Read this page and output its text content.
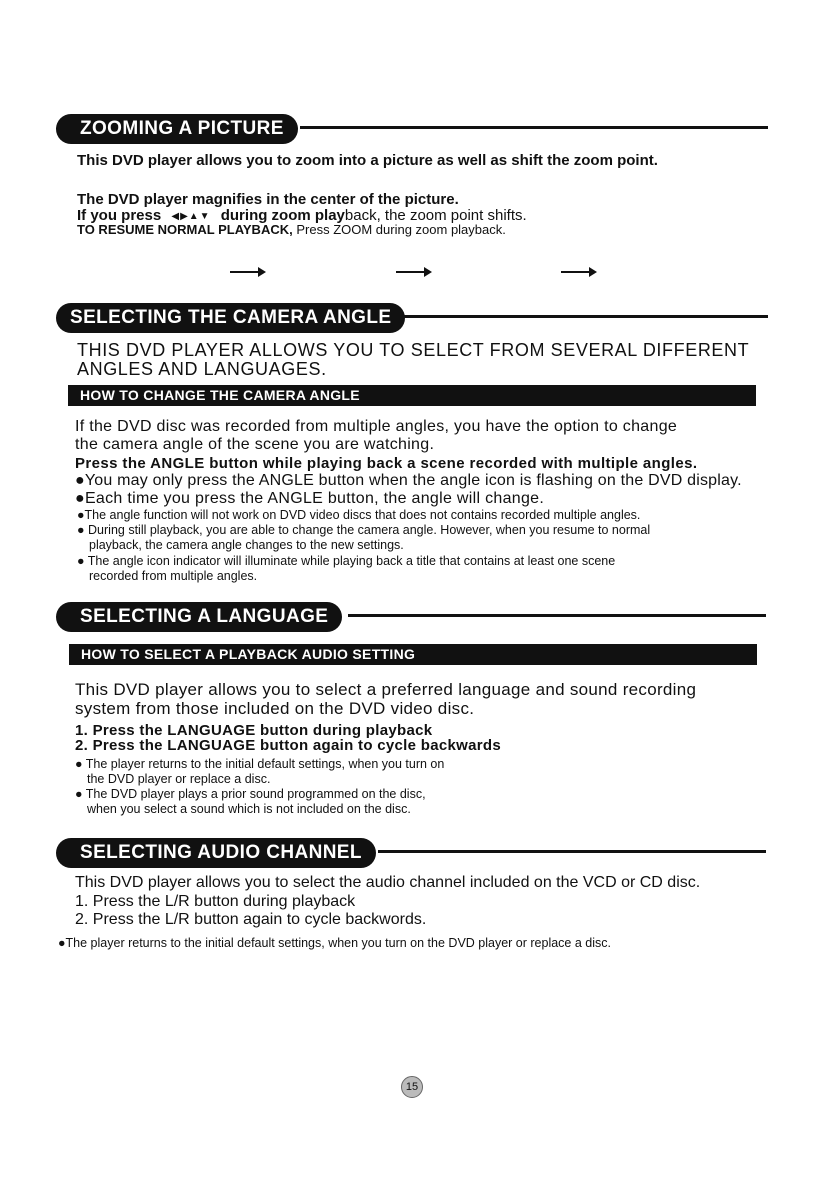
ZOOMING A PICTURE
This DVD player allows you to zoom into a picture as well as shift the zoom point.
The DVD player magnifies in the center of the picture.
If you press ◀▶▲▼ during zoom playback, the zoom point shifts.
TO RESUME NORMAL PLAYBACK, Press ZOOM during zoom playback.
SELECTING THE CAMERA ANGLE
THIS DVD PLAYER ALLOWS YOU TO SELECT FROM SEVERAL DIFFERENT
ANGLES AND LANGUAGES.
HOW TO CHANGE THE CAMERA ANGLE
If the DVD disc was recorded from multiple angles, you have the option to change
the camera angle of the scene you are watching.
Press the ANGLE button while playing back a scene recorded with multiple angles.
●You may only press the ANGLE button when the angle icon is flashing on the DVD display.
●Each time you press the ANGLE button, the angle will change.
●The angle function will not work on DVD video discs that does not contains recorded multiple angles.
● During still playback, you are able to change the camera angle. However, when you resume to normal
playback, the camera angle changes to the new settings.
● The angle icon indicator will illuminate while playing back a title that contains at least one scene
recorded from multiple angles.
SELECTING A LANGUAGE
HOW TO SELECT A PLAYBACK AUDIO SETTING
This DVD player allows you to select a preferred language and sound recording
system from those included on the DVD video disc.
1. Press the LANGUAGE button during playback
2. Press the LANGUAGE button again to cycle backwards
● The player returns to the initial default settings, when you turn on
the DVD player or replace a disc.
● The DVD player plays a prior sound programmed on the disc,
when you select a sound which is not included on the disc.
SELECTING AUDIO CHANNEL
This DVD player allows you to select the audio channel included on the VCD or CD disc.
1. Press the L/R button during playback
2. Press the L/R button again to cycle backwords.
●The player returns to the initial default settings, when you turn on the DVD player or replace a disc.
15
